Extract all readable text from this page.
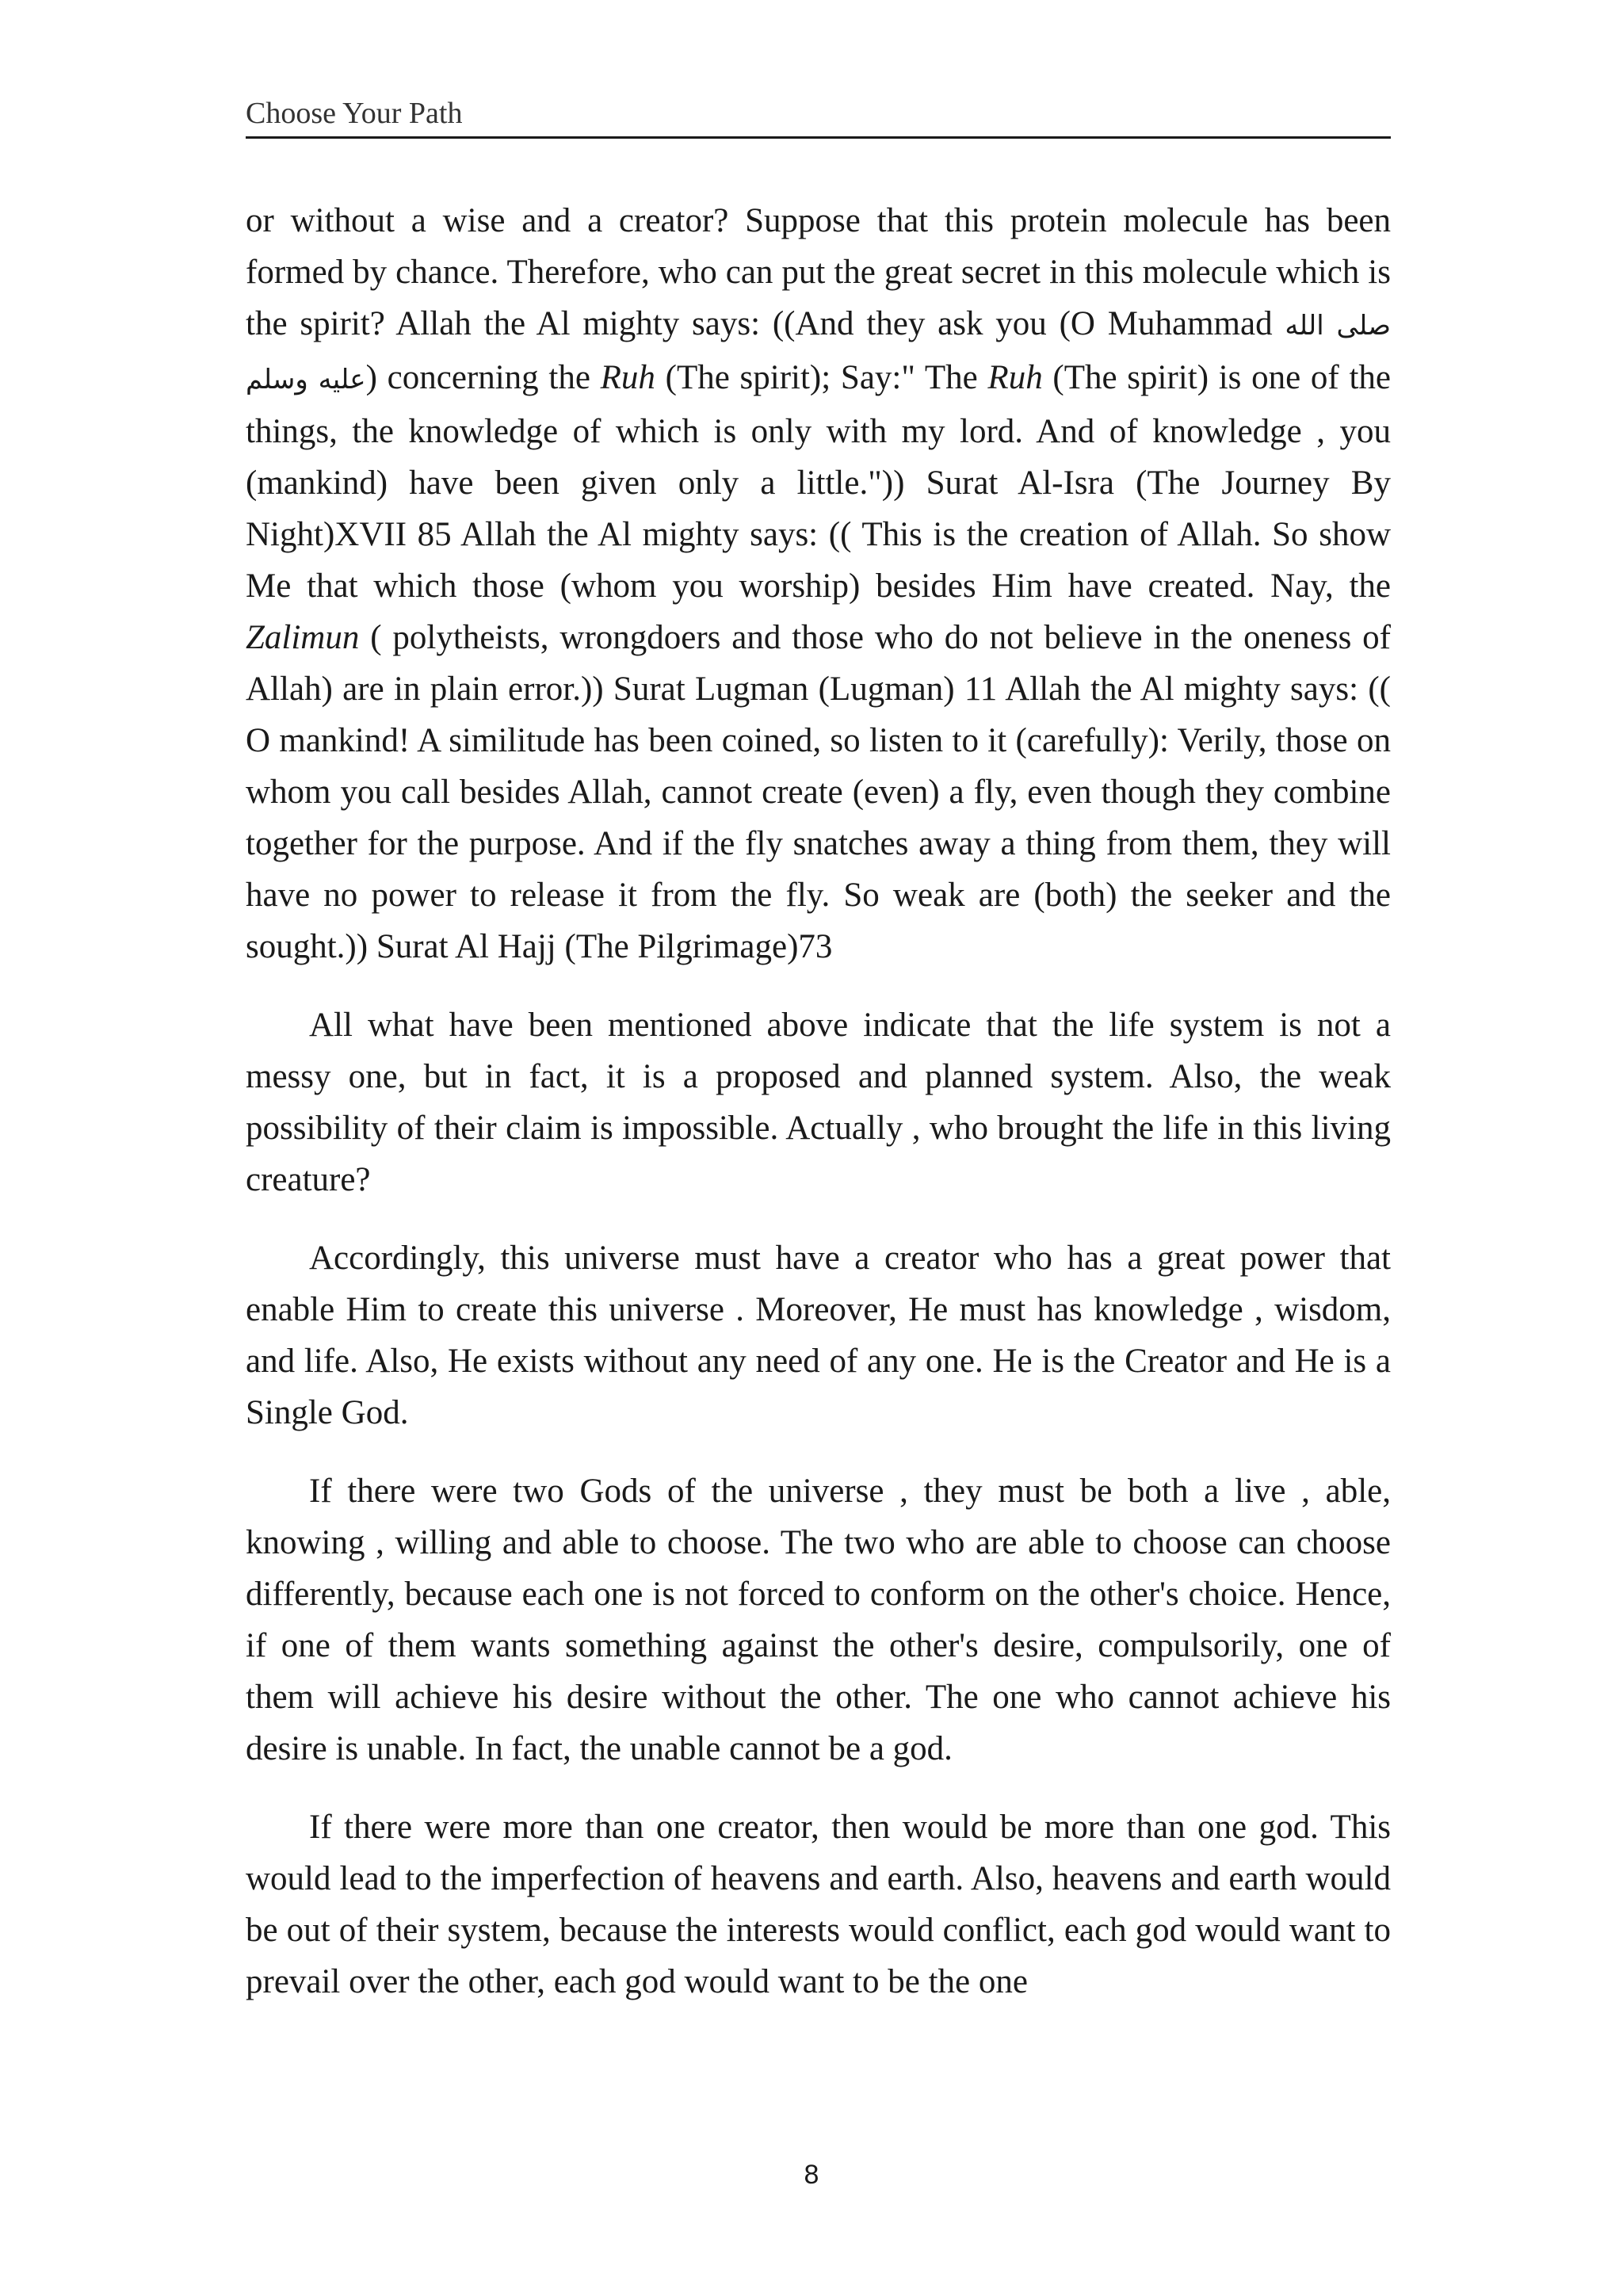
Choose Your Path

or without a wise and a creator? Suppose that this protein molecule has been formed by chance. Therefore, who can put the great secret in this molecule which is the spirit? Allah the Al mighty says: ((And they ask you (O Muhammad صلى الله عليه وسلم) concerning the Ruh (The spirit); Say:" The Ruh (The spirit) is one of the things, the knowledge of which is only with my lord. And of knowledge , you (mankind) have been given only a little.")) Surat Al-Isra (The Journey By Night)XVII 85 Allah the Al mighty says: (( This is the creation of Allah. So show Me that which those (whom you worship) besides Him have created. Nay, the Zalimun ( polytheists, wrongdoers and those who do not believe in the oneness of Allah) are in plain error.)) Surat Lugman (Lugman) 11 Allah the Al mighty says: (( O mankind! A similitude has been coined, so listen to it (carefully): Verily, those on whom you call besides Allah, cannot create (even) a fly, even though they combine together for the purpose. And if the fly snatches away a thing from them, they will have no power to release it from the fly. So weak are (both) the seeker and the sought.)) Surat Al Hajj (The Pilgrimage)73

All what have been mentioned above indicate that the life system is not a messy one, but in fact, it is a proposed and planned system. Also, the weak possibility of their claim is impossible. Actually , who brought the life in this living creature?

Accordingly, this universe must have a creator who has a great power that enable Him to create this universe . Moreover, He must has knowledge , wisdom, and life. Also, He exists without any need of any one. He is the Creator and He is a Single God.

If there were two Gods of the universe , they must be both a live , able, knowing , willing and able to choose. The two who are able to choose can choose differently, because each one is not forced to conform on the other's choice. Hence, if one of them wants something against the other's desire, compulsorily, one of them will achieve his desire without the other. The one who cannot achieve his desire is unable. In fact, the unable cannot be a god.

If there were more than one creator, then would be more than one god. This would lead to the imperfection of heavens and earth. Also, heavens and earth would be out of their system, because the interests would conflict, each god would want to prevail over the other, each god would want to be the one

8
